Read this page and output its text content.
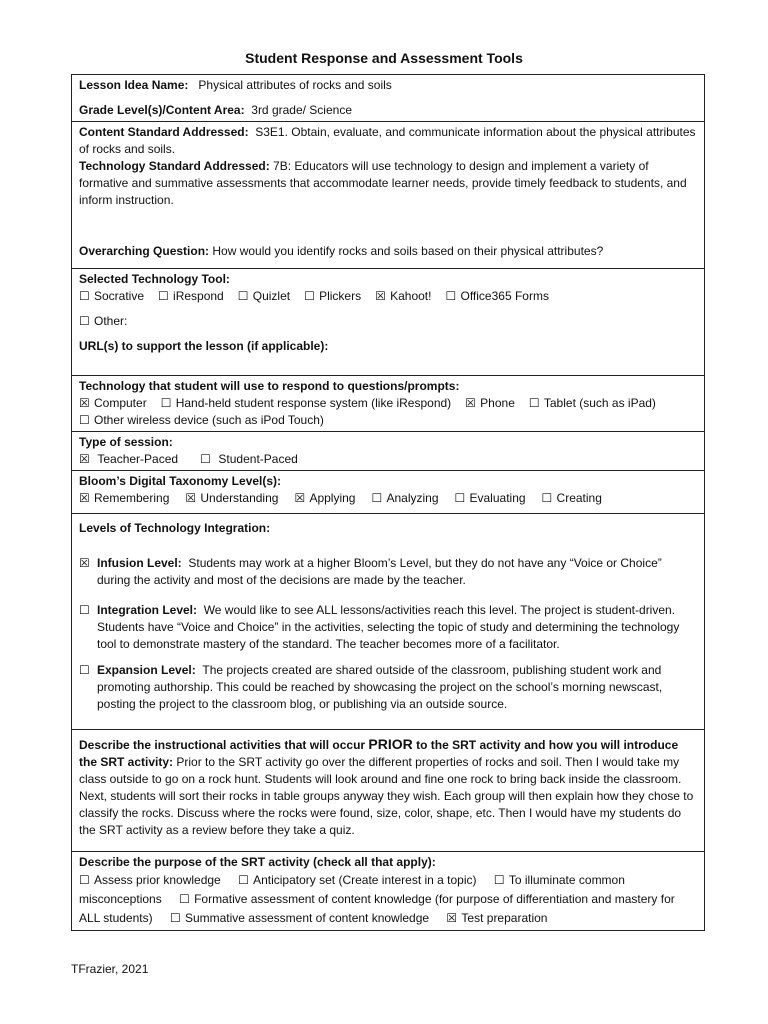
Student Response and Assessment Tools
Lesson Idea Name: Physical attributes of rocks and soils
Grade Level(s)/Content Area: 3rd grade/ Science
Content Standard Addressed: S3E1. Obtain, evaluate, and communicate information about the physical attributes of rocks and soils.
Technology Standard Addressed: 7B: Educators will use technology to design and implement a variety of formative and summative assessments that accommodate learner needs, provide timely feedback to students, and inform instruction.
Overarching Question: How would you identify rocks and soils based on their physical attributes?
Selected Technology Tool:
☐ Socrative ☐ iRespond ☐ Quizlet ☐ Plickers ☒ Kahoot! ☐ Office365 Forms
☐ Other:
URL(s) to support the lesson (if applicable):
Technology that student will use to respond to questions/prompts:
☒ Computer ☐ Hand-held student response system (like iRespond) ☒ Phone ☐ Tablet (such as iPad)
☐ Other wireless device (such as iPod Touch)
Type of session:
☒ Teacher-Paced ☐ Student-Paced
Bloom’s Digital Taxonomy Level(s):
☒ Remembering ☒ Understanding ☒ Applying ☐ Analyzing ☐ Evaluating ☐ Creating
Levels of Technology Integration:
☒ Infusion Level: Students may work at a higher Bloom’s Level, but they do not have any “Voice or Choice” during the activity and most of the decisions are made by the teacher.
☐ Integration Level: We would like to see ALL lessons/activities reach this level. The project is student-driven. Students have “Voice and Choice” in the activities, selecting the topic of study and determining the technology tool to demonstrate mastery of the standard. The teacher becomes more of a facilitator.
☐ Expansion Level: The projects created are shared outside of the classroom, publishing student work and promoting authorship. This could be reached by showcasing the project on the school’s morning newscast, posting the project to the classroom blog, or publishing via an outside source.
Describe the instructional activities that will occur PRIOR to the SRT activity and how you will introduce the SRT activity: Prior to the SRT activity go over the different properties of rocks and soil. Then I would take my class outside to go on a rock hunt. Students will look around and fine one rock to bring back inside the classroom. Next, students will sort their rocks in table groups anyway they wish. Each group will then explain how they chose to classify the rocks. Discuss where the rocks were found, size, color, shape, etc. Then I would have my students do the SRT activity as a review before they take a quiz.
Describe the purpose of the SRT activity (check all that apply):
☐ Assess prior knowledge ☐ Anticipatory set (Create interest in a topic) ☐ To illuminate common misconceptions ☐ Formative assessment of content knowledge (for purpose of differentiation and mastery for ALL students) ☐ Summative assessment of content knowledge ☒ Test preparation
TFrazier, 2021
